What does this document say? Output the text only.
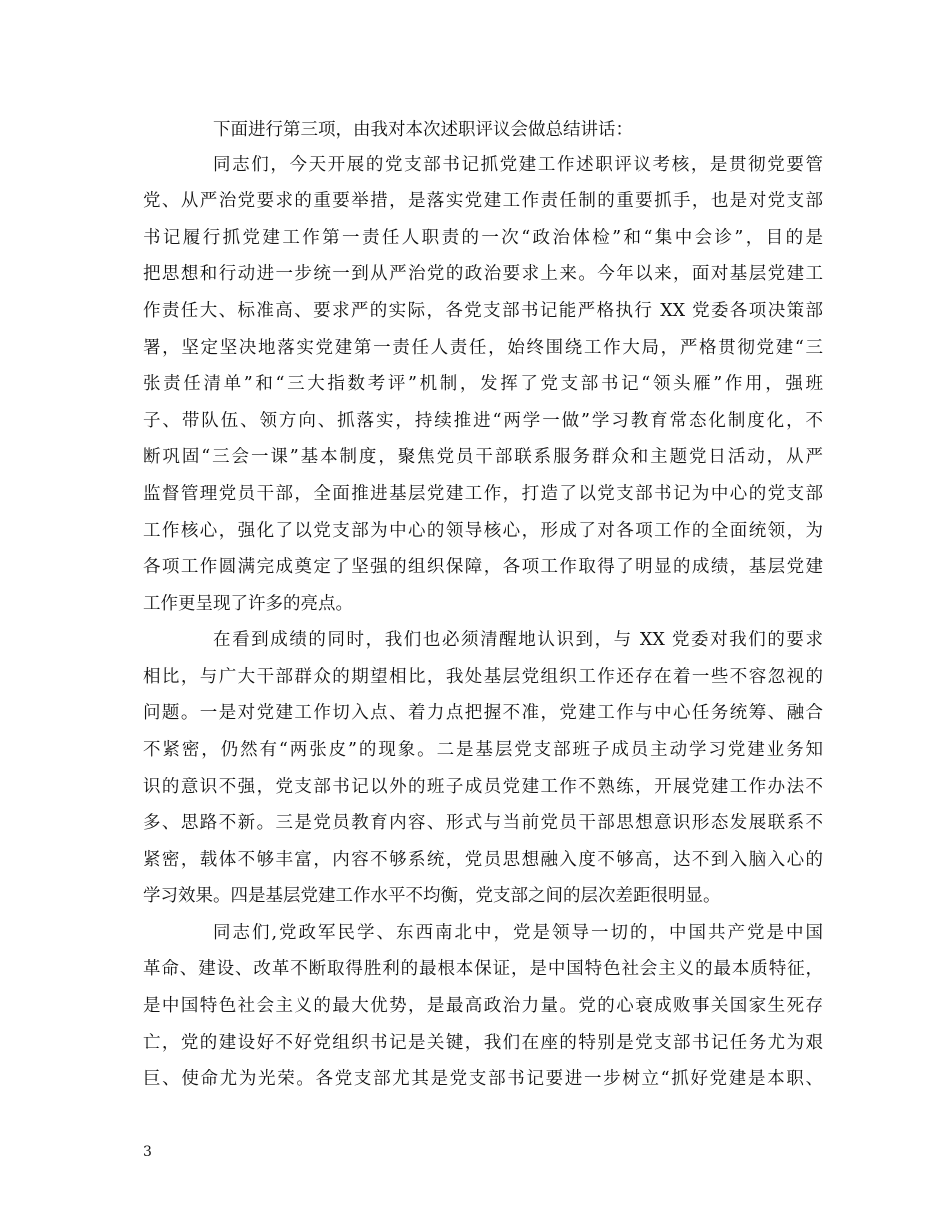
下面进行第三项，由我对本次述职评议会做总结讲话：
同志们，今天开展的党支部书记抓党建工作述职评议考核，是贯彻党要管
党、从严治党要求的重要举措，是落实党建工作责任制的重要抓手，也是对党支部
书记履行抓党建工作第一责任人职责的一次“政治体检”和“集中会诊”，目的是
把思想和行动进一步统一到从严治党的政治要求上来。今年以来，面对基层党建工
作责任大、标准高、要求严的实际，各党支部书记能严格执行 XX 党委各项决策部
署，坚定坚决地落实党建第一责任人责任，始终围绕工作大局，严格贯彻党建“三
张责任清单”和“三大指数考评”机制，发挥了党支部书记“领头雁”作用，强班
子、带队伍、领方向、抓落实，持续推进“两学一做”学习教育常态化制度化，不
断巩固“三会一课”基本制度，聚焦党员干部联系服务群众和主题党日活动，从严
监督管理党员干部，全面推进基层党建工作，打造了以党支部书记为中心的党支部
工作核心，强化了以党支部为中心的领导核心，形成了对各项工作的全面统领，为
各项工作圆满完成奠定了坚强的组织保障，各项工作取得了明显的成绩，基层党建
工作更呈现了许多的亮点。
在看到成绩的同时，我们也必须清醒地认识到，与 XX 党委对我们的要求
相比，与广大干部群众的期望相比，我处基层党组织工作还存在着一些不容忽视的
问题。一是对党建工作切入点、着力点把握不准，党建工作与中心任务统筹、融合
不紧密，仍然有“两张皮”的现象。二是基层党支部班子成员主动学习党建业务知
识的意识不强，党支部书记以外的班子成员党建工作不熟练，开展党建工作办法不
多、思路不新。三是党员教育内容、形式与当前党员干部思想意识形态发展联系不
紧密，载体不够丰富，内容不够系统，党员思想融入度不够高，达不到入脑入心的
学习效果。四是基层党建工作水平不均衡，党支部之间的层次差距很明显。
同志们,党政军民学、东西南北中，党是领导一切的，中国共产党是中国
革命、建设、改革不断取得胜利的最根本保证，是中国特色社会主义的最本质特征，
是中国特色社会主义的最大优势，是最高政治力量。党的心衰成败事关国家生死存
亡，党的建设好不好党组织书记是关键，我们在座的特别是党支部书记任务尤为艰
巨、使命尤为光荣。各党支部尤其是党支部书记要进一步树立“抓好党建是本职、
3
